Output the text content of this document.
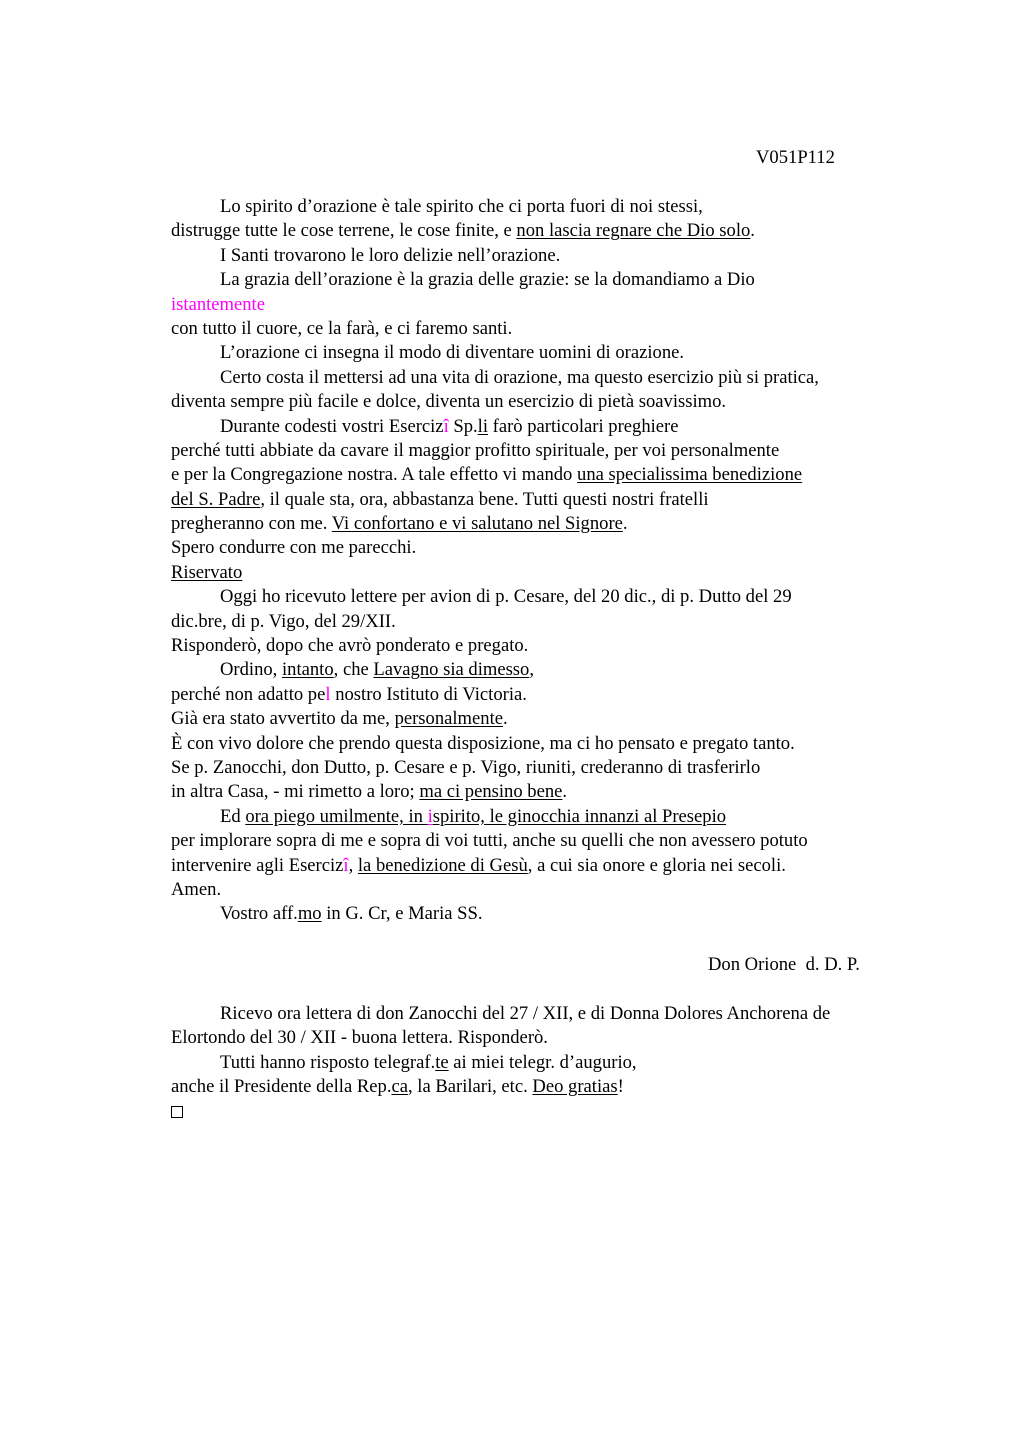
V051P112
Lo spirito d’orazione è tale spirito che ci porta fuori di noi stessi,
distrugge tutte le cose terrene, le cose finite, e non lascia regnare che Dio solo.
I Santi trovarono le loro delizie nell’orazione.
La grazia dell’orazione è la grazia delle grazie: se la domandiamo a Dio
istantemente
con tutto il cuore, ce la farà, e ci faremo santi.
L’orazione ci insegna il modo di diventare uomini di orazione.
Certo costa il mettersi ad una vita di orazione, ma questo esercizio più si pratica,
diventa sempre più facile e dolce, diventa un esercizio di pietà soavissimo.
Durante codesti vostri Esercizî Sp.li farò particolari preghiere
perché tutti abbiate da cavare il maggior profitto spirituale, per voi personalmente
e per la Congregazione nostra. A tale effetto vi mando una specialissima benedizione
del S. Padre, il quale sta, ora, abbastanza bene. Tutti questi nostri fratelli
pregheranno con me. Vi confortano e vi salutano nel Signore.
Spero condurre con me parecchi.
Riservato
Oggi ho ricevuto lettere per avion di p. Cesare, del 20 dic., di p. Dutto del 29
dic.bre, di p. Vigo, del 29/XII.
Risponderò, dopo che avrò ponderato e pregato.
Ordino, intanto, che Lavagno sia dimesso,
perché non adatto pel nostro Istituto di Victoria.
Già era stato avvertito da me, personalmente.
È con vivo dolore che prendo questa disposizione, ma ci ho pensato e pregato tanto.
Se p. Zanocchi, don Dutto, p. Cesare e p. Vigo, riuniti, crederanno di trasferirlo
in altra Casa, - mi rimetto a loro; ma ci pensino bene.
Ed ora piego umilmente, in ispirito, le ginocchia innanzi al Presepio
per implorare sopra di me e sopra di voi tutti, anche su quelli che non avessero potuto
intervenire agli Esercizî, la benedizione di Gesù, a cui sia onore e gloria nei secoli.
Amen.
Vostro aff.mo in G. Cr, e Maria SS.
Don Orione  d. D. P.
Ricevo ora lettera di don Zanocchi del 27 / XII, e di Donna Dolores Anchorena de
Elortondo del 30 / XII - buona lettera. Risponderò.
Tutti hanno risposto telegraf.te ai miei telegr. d’augurio,
anche il Presidente della Rep.ca, la Barilari, etc. Deo gratias!
